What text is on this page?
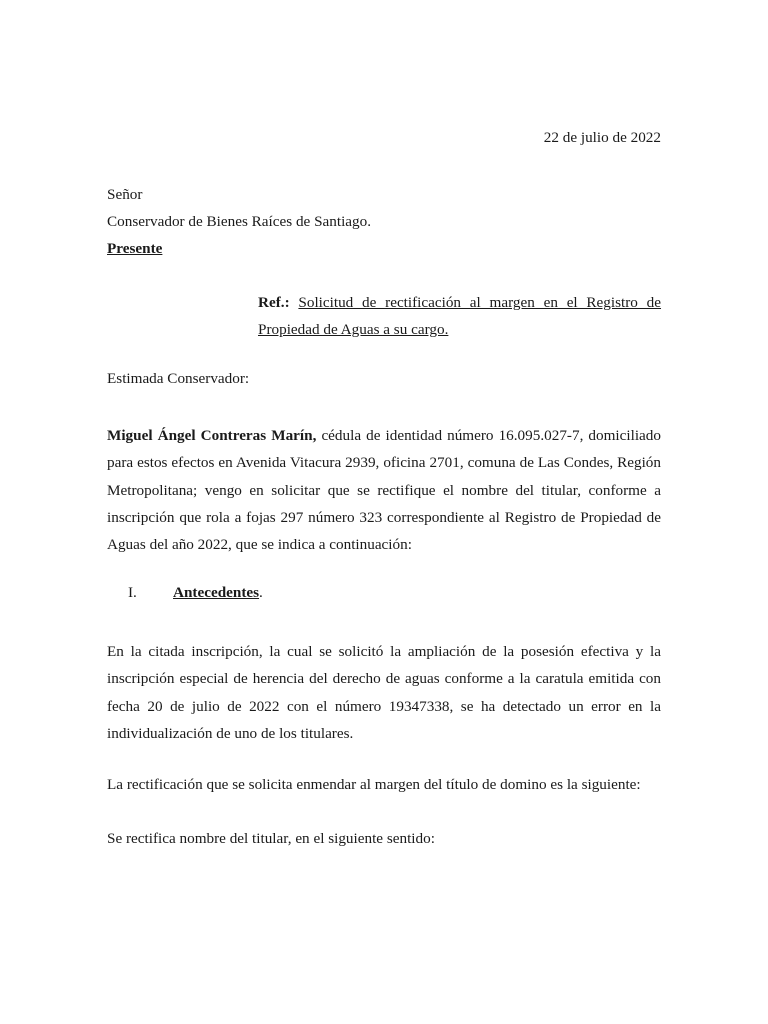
22 de julio de 2022

Señor
Conservador de Bienes Raíces de Santiago.
Presente

Ref.: Solicitud de rectificación al margen en el Registro de Propiedad de Aguas a su cargo.

Estimada Conservador:

Miguel Ángel Contreras Marín, cédula de identidad número 16.095.027-7, domiciliado para estos efectos en Avenida Vitacura 2939, oficina 2701, comuna de Las Condes, Región Metropolitana; vengo en solicitar que se rectifique el nombre del titular, conforme a inscripción que rola a fojas 297 número 323 correspondiente al Registro de Propiedad de Aguas del año 2022, que se indica a continuación:

I. Antecedentes.

En la citada inscripción, la cual se solicitó la ampliación de la posesión efectiva y la inscripción especial de herencia del derecho de aguas conforme a la caratula emitida con fecha 20 de julio de 2022 con el número 19347338, se ha detectado un error en la individualización de uno de los titulares.

La rectificación que se solicita enmendar al margen del título de domino es la siguiente:

Se rectifica nombre del titular, en el siguiente sentido:
